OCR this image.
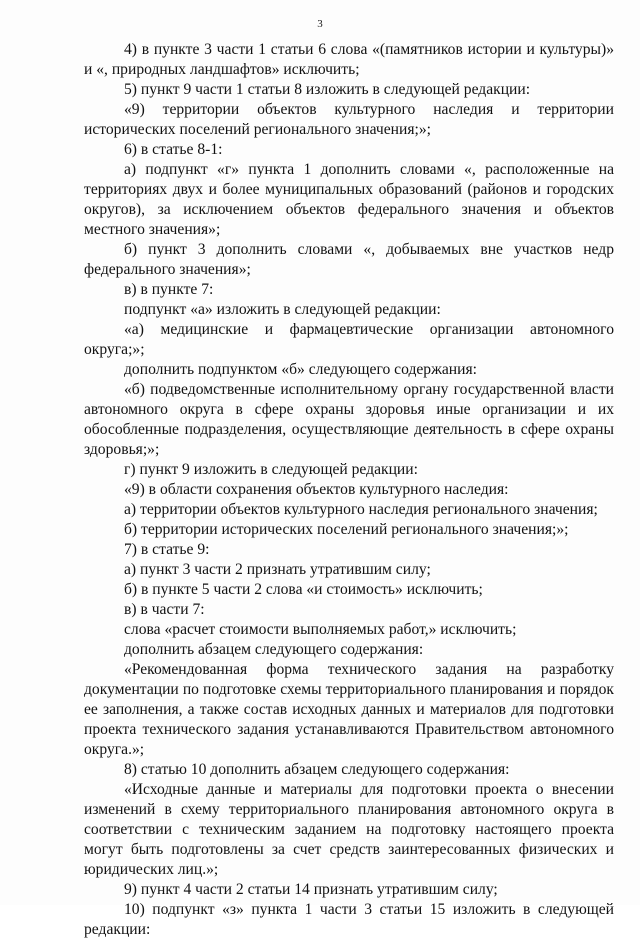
3

4) в пункте 3 части 1 статьи 6 слова «(памятников истории и культуры)» и «, природных ландшафтов» исключить;

5) пункт 9 части 1 статьи 8 изложить в следующей редакции:

«9) территории объектов культурного наследия и территории исторических поселений регионального значения;»;

6) в статье 8-1:

а) подпункт «г» пункта 1 дополнить словами «, расположенные на территориях двух и более муниципальных образований (районов и городских округов), за исключением объектов федерального значения и объектов местного значения»;

б) пункт 3 дополнить словами «, добываемых вне участков недр федерального значения»;

в) в пункте 7:

подпункт «а» изложить в следующей редакции:

«а) медицинские и фармацевтические организации автономного округа;»;

дополнить подпунктом «б» следующего содержания:

«б) подведомственные исполнительному органу государственной власти автономного округа в сфере охраны здоровья иные организации и их обособленные подразделения, осуществляющие деятельность в сфере охраны здоровья;»;

г) пункт 9 изложить в следующей редакции:

«9) в области сохранения объектов культурного наследия:

а) территории объектов культурного наследия регионального значения;

б) территории исторических поселений регионального значения;»;

7) в статье 9:

а) пункт 3 части 2 признать утратившим силу;

б) в пункте 5 части 2 слова «и стоимость» исключить;

в) в части 7:

слова «расчет стоимости выполняемых работ,» исключить;

дополнить абзацем следующего содержания:

«Рекомендованная форма технического задания на разработку документации по подготовке схемы территориального планирования и порядок ее заполнения, а также состав исходных данных и материалов для подготовки проекта технического задания устанавливаются Правительством автономного округа.»;

8) статью 10 дополнить абзацем следующего содержания:

«Исходные данные и материалы для подготовки проекта о внесении изменений в схему территориального планирования автономного округа в соответствии с техническим заданием на подготовку настоящего проекта могут быть подготовлены за счет средств заинтересованных физических и юридических лиц.»;

9) пункт 4 части 2 статьи 14 признать утратившим силу;

10) подпункт «з» пункта 1 части 3 статьи 15 изложить в следующей редакции:
